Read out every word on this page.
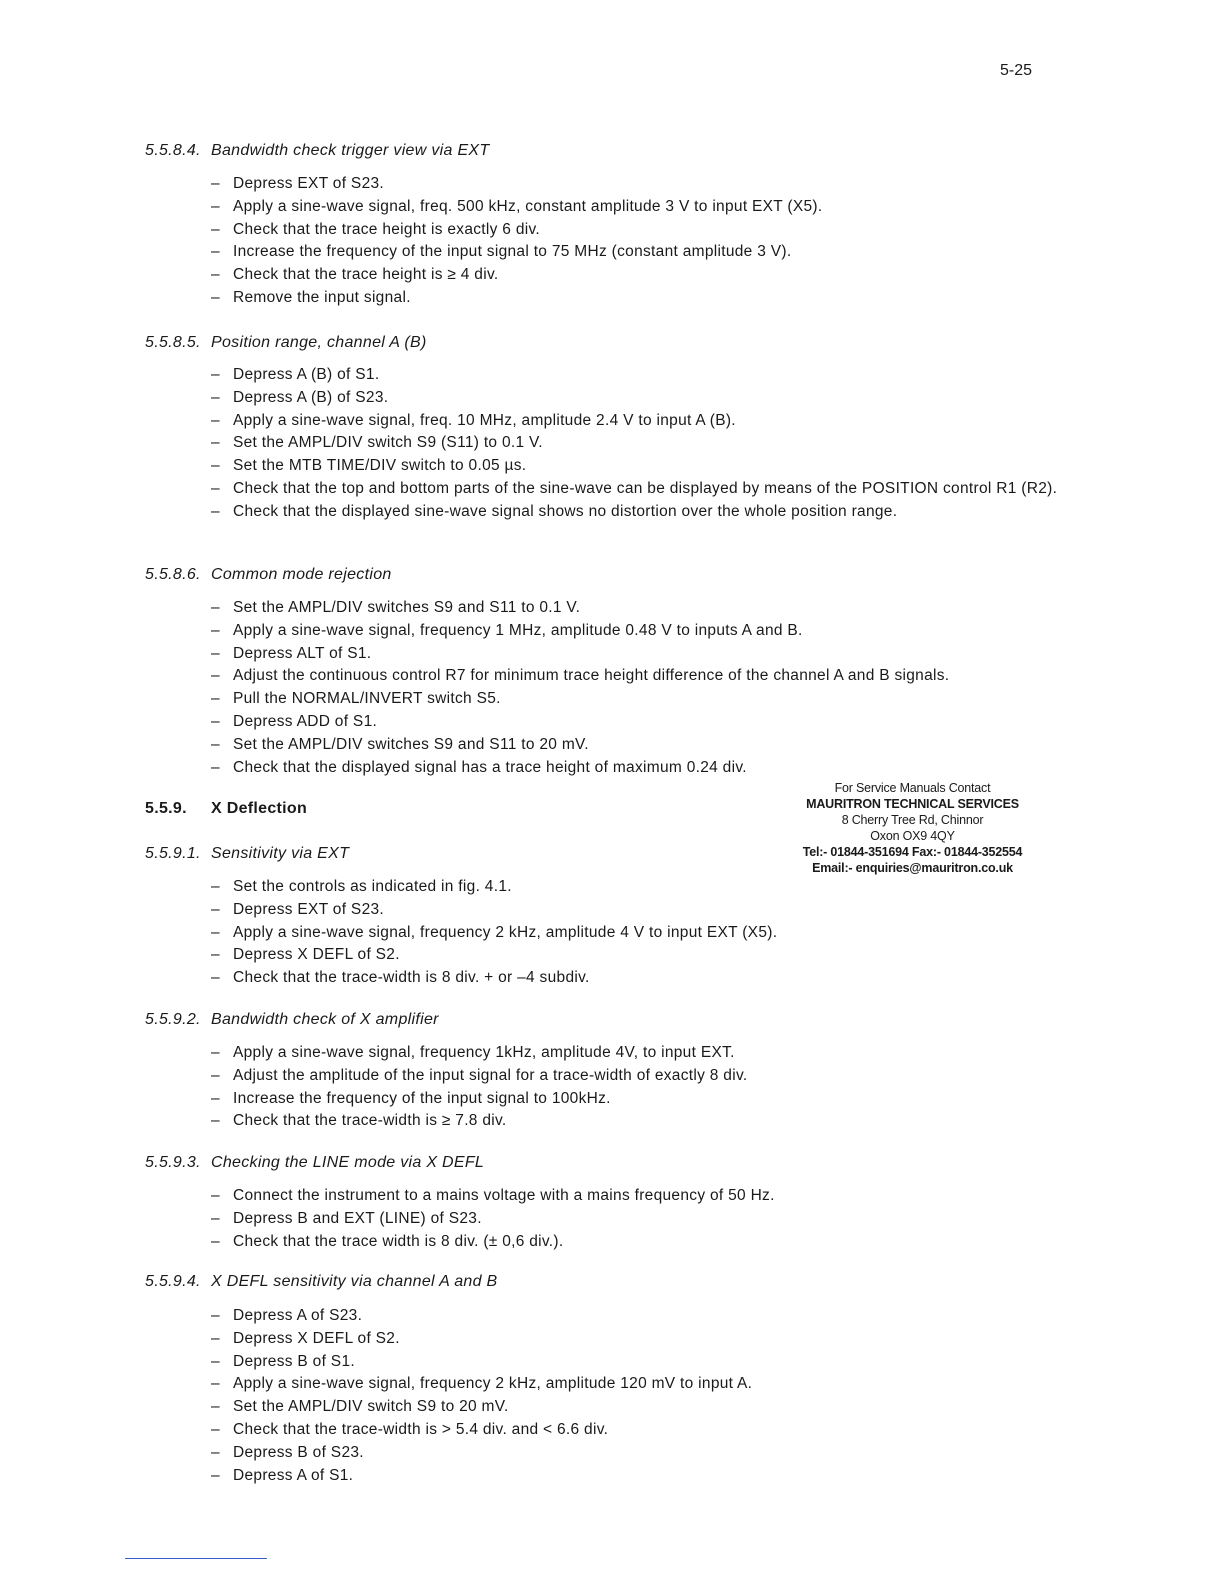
5-25
5.5.8.4. Bandwidth check trigger view via EXT
– Depress EXT of S23.
– Apply a sine-wave signal, freq. 500 kHz, constant amplitude 3 V to input EXT (X5).
– Check that the trace height is exactly 6 div.
– Increase the frequency of the input signal to 75 MHz (constant amplitude 3 V).
– Check that the trace height is ≥ 4 div.
– Remove the input signal.
5.5.8.5. Position range, channel A (B)
– Depress A (B) of S1.
– Depress A (B) of S23.
– Apply a sine-wave signal, freq. 10 MHz, amplitude 2.4 V to input A (B).
– Set the AMPL/DIV switch S9 (S11) to 0.1 V.
– Set the MTB TIME/DIV switch to 0.05 µs.
– Check that the top and bottom parts of the sine-wave can be displayed by means of the POSITION control R1 (R2).
– Check that the displayed sine-wave signal shows no distortion over the whole position range.
5.5.8.6. Common mode rejection
– Set the AMPL/DIV switches S9 and S11 to 0.1 V.
– Apply a sine-wave signal, frequency 1 MHz, amplitude 0.48 V to inputs A and B.
– Depress ALT of S1.
– Adjust the continuous control R7 for minimum trace height difference of the channel A and B signals.
– Pull the NORMAL/INVERT switch S5.
– Depress ADD of S1.
– Set the AMPL/DIV switches S9 and S11 to 20 mV.
– Check that the displayed signal has a trace height of maximum 0.24 div.
5.5.9. X Deflection
5.5.9.1. Sensitivity via EXT
– Set the controls as indicated in fig. 4.1.
– Depress EXT of S23.
– Apply a sine-wave signal, frequency 2 kHz, amplitude 4 V to input EXT (X5).
– Depress X DEFL of S2.
– Check that the trace-width is 8 div. + or –4 subdiv.
5.5.9.2. Bandwidth check of X amplifier
– Apply a sine-wave signal, frequency 1kHz, amplitude 4V, to input EXT.
– Adjust the amplitude of the input signal for a trace-width of exactly 8 div.
– Increase the frequency of the input signal to 100kHz.
– Check that the trace-width is ≥ 7.8 div.
5.5.9.3. Checking the LINE mode via X DEFL
– Connect the instrument to a mains voltage with a mains frequency of 50 Hz.
– Depress B and EXT (LINE) of S23.
– Check that the trace width is 8 div. (± 0,6 div.).
5.5.9.4. X DEFL sensitivity via channel A and B
– Depress A of S23.
– Depress X DEFL of S2.
– Depress B of S1.
– Apply a sine-wave signal, frequency 2 kHz, amplitude 120 mV to input A.
– Set the AMPL/DIV switch S9 to 20 mV.
– Check that the trace-width is > 5.4 div. and < 6.6 div.
– Depress B of S23.
– Depress A of S1.
For Service Manuals Contact
MAURITRON TECHNICAL SERVICES
8 Cherry Tree Rd, Chinnor
Oxon OX9 4QY
Tel:- 01844-351694 Fax:- 01844-352554
Email:- enquiries@mauritron.co.uk
